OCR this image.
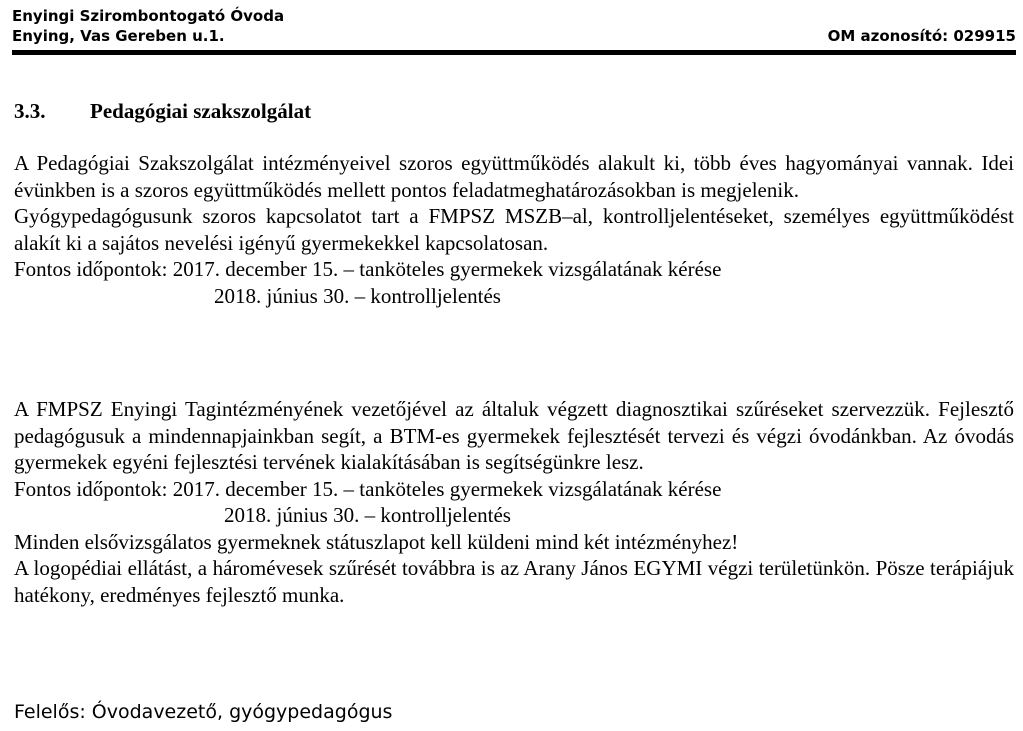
Enyingi Szirombontogató Óvoda
Enying, Vas Gereben u.1.	OM azonosító: 029915
3.3. Pedagógiai szakszolgálat

A Pedagógiai Szakszolgálat intézményeivel szoros együttműködés alakult ki, több éves hagyományai vannak. Idei évünkben is a szoros együttműködés mellett pontos feladatmeghatározásokban is megjelenik.

Gyógypedagógusunk szoros kapcsolatot tart a FMPSZ MSZB–al, kontrolljelentéseket, személyes együttműködést alakít ki a sajátos nevelési igényű gyermekekkel kapcsolatosan.

Fontos időpontok: 2017. december 15. – tanköteles gyermekek vizsgálatának kérése

2018. június 30. – kontrolljelentés

A FMPSZ Enyingi Tagintézményének vezetőjével az általuk végzett diagnosztikai szűréseket szervezzük. Fejlesztő pedagógusuk a mindennapjainkban segít, a BTM-es gyermekek fejlesztését tervezi és végzi óvodánkban. Az óvodás gyermekek egyéni fejlesztési tervének kialakításában is segítségünkre lesz.

Fontos időpontok: 2017. december 15. – tanköteles gyermekek vizsgálatának kérése

2018. június 30. – kontrolljelentés

Minden elsővizsgálatos gyermeknek státuszlapot kell küldeni mind két intézményhez!

A logopédiai ellátást, a háromévesek szűrését továbbra is az Arany János EGYMI végzi területünkön. Pösze terápiájuk hatékony, eredményes fejlesztő munka.

Felelős: Óvodavezető, gyógypedagógus
